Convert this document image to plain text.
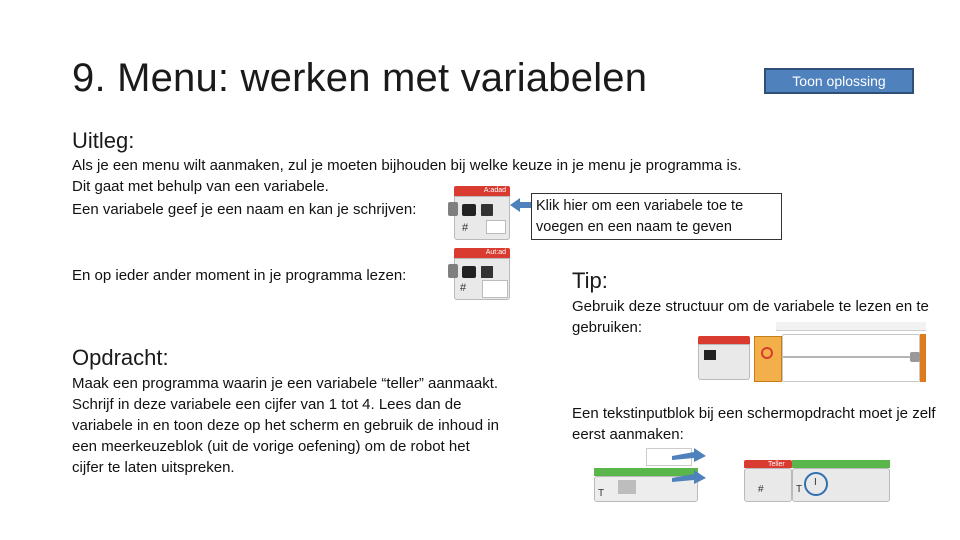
9. Menu: werken met variabelen	Toon oplossing
Uitleg:
Als je een menu wilt aanmaken, zul je moeten bijhouden bij welke keuze in je menu je programma is.
Dit gaat met behulp van een variabele.
Een variabele geef je een naam en kan je schrijven:
A:adad
#
Klik hier om een variabele toe te voegen en een naam te geven
En op ieder ander moment in je programma lezen:
Aut:ad
#	Tip:
Gebruik deze structuur om de variabele te lezen en te gebruiken:
Een tekstinputblok bij een schermopdracht moet je zelf eerst aanmaken:
Opdracht:
Maak een programma waarin je een variabele “teller” aanmaakt. Schrijf in deze variabele een cijfer van 1 tot 4. Lees dan de variabele in en toon deze op het scherm en gebruik de inhoud in een meerkeuzeblok (uit de vorige oefening) om de robot het cijfer te laten uitspreken.
T
Teller
#	T
I
